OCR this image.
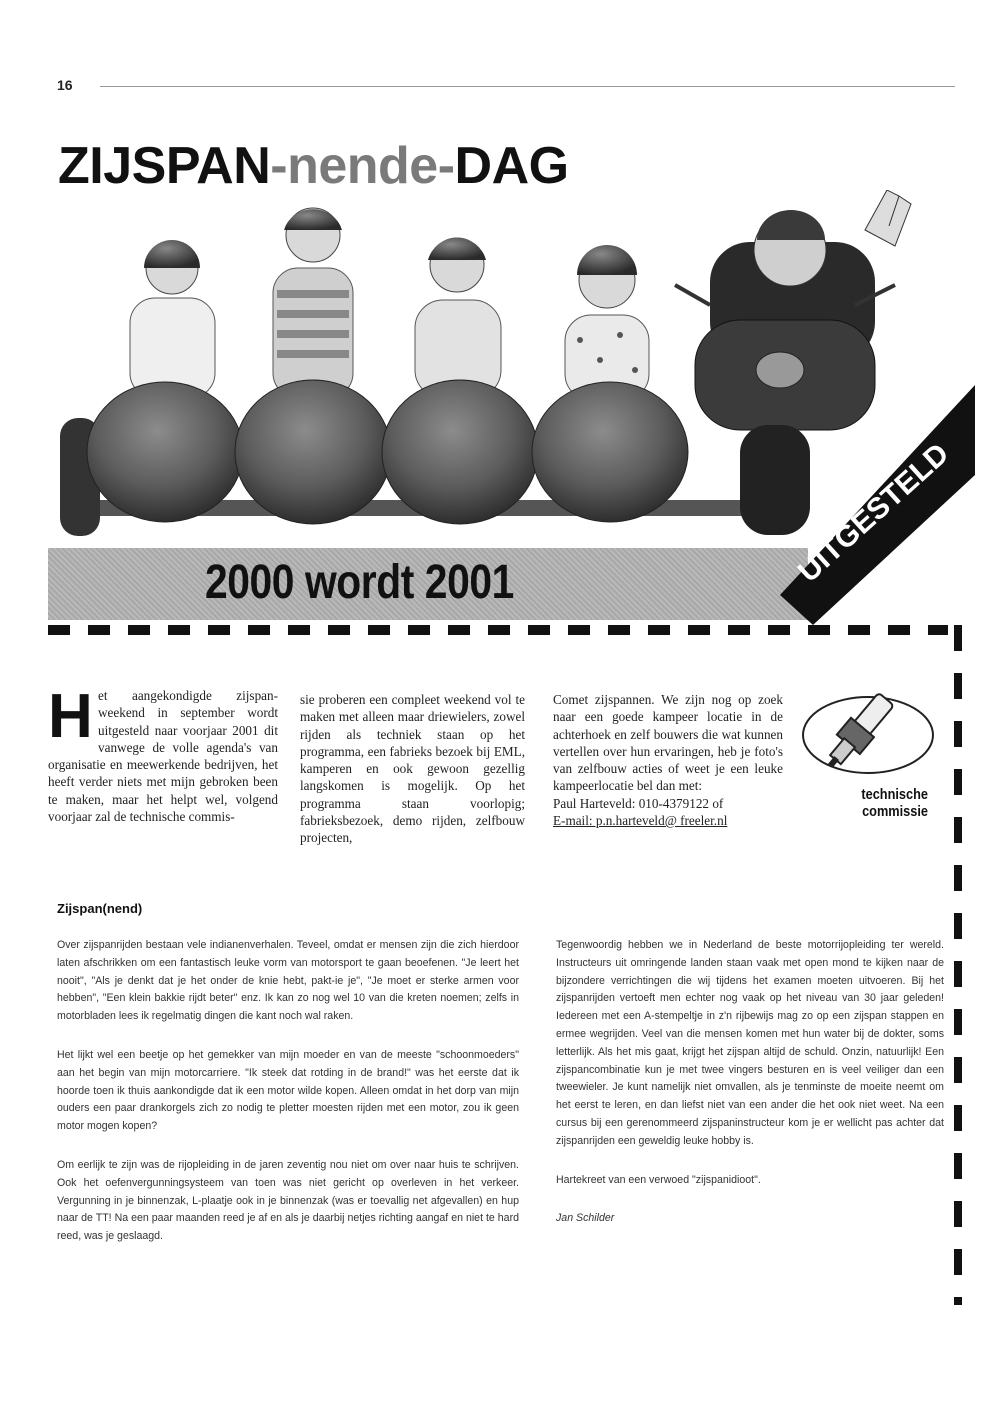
16
ZIJSPAN-nende-DAG
2000 wordt 2001	UITGESTELD
H et aangekondigde zijspan-weekend in september wordt uitgesteld naar voorjaar 2001 dit vanwege de volle agenda's van organisatie en meewerkende bedrijven, het heeft verder niets met mijn gebroken been te maken, maar het helpt wel, volgend voorjaar zal de technische commis-

sie proberen een compleet weekend vol te maken met alleen maar driewielers, zowel rijden als techniek staan op het programma, een fabrieks bezoek bij EML, kamperen en ook gewoon gezellig langskomen is mogelijk. Op het programma staan voorlopig; fabrieksbezoek, demo rijden, zelfbouw projecten,

Comet zijspannen. We zijn nog op zoek naar een goede kampeer locatie in de achterhoek en zelf bouwers die wat kunnen vertellen over hun ervaringen, heb je foto's van zelfbouw acties of weet je een leuke kampeerlocatie bel dan met:

Paul Harteveld: 010-4379122 of

E-mail: p.n.harteveld@ freeler.nl

technische
commissie
Zijspan(nend)

Over zijspanrijden bestaan vele indianenverhalen. Teveel, omdat er mensen zijn die zich hierdoor laten afschrikken om een fantastisch leuke vorm van motorsport te gaan beoefenen. "Je leert het nooit", "Als je denkt dat je het onder de knie hebt, pakt-ie je", "Je moet er sterke armen voor hebben", "Een klein bakkie rijdt beter" enz. Ik kan zo nog wel 10 van die kreten noemen; zelfs in motorbladen lees ik regelmatig dingen die kant noch wal raken.

Het lijkt wel een beetje op het gemekker van mijn moeder en van de meeste "schoonmoeders" aan het begin van mijn motorcarriere. "Ik steek dat rotding in de brand!" was het eerste dat ik hoorde toen ik thuis aankondigde dat ik een motor wilde kopen. Alleen omdat in het dorp van mijn ouders een paar drankorgels zich zo nodig te pletter moesten rijden met een motor, zou ik geen motor mogen kopen?

Om eerlijk te zijn was de rijopleiding in de jaren zeventig nou niet om over naar huis te schrijven. Ook het oefenvergunningsysteem van toen was niet gericht op overleven in het verkeer. Vergunning in je binnenzak, L-plaatje ook in je binnenzak (was er toevallig net afgevallen) en hup naar de TT! Na een paar maanden reed je af en als je daarbij netjes richting aangaf en niet te hard reed, was je geslaagd.

Tegenwoordig hebben we in Nederland de beste motorrijopleiding ter wereld. Instructeurs uit omringende landen staan vaak met open mond te kijken naar de bijzondere verrichtingen die wij tijdens het examen moeten uitvoeren. Bij het zijspanrijden vertoeft men echter nog vaak op het niveau van 30 jaar geleden! Iedereen met een A-stempeltje in z'n rijbewijs mag zo op een zijspan stappen en ermee wegrijden. Veel van die mensen komen met hun water bij de dokter, soms letterlijk. Als het mis gaat, krijgt het zijspan altijd de schuld. Onzin, natuurlijk! Een zijspancombinatie kun je met twee vingers besturen en is veel veiliger dan een tweewieler. Je kunt namelijk niet omvallen, als je tenminste de moeite neemt om het eerst te leren, en dan liefst niet van een ander die het ook niet weet. Na een cursus bij een gerenommeerd zijspaninstructeur kom je er wellicht pas achter dat zijspanrijden een geweldig leuke hobby is.

Hartekreet van een verwoed "zijspanidioot".

Jan Schilder
